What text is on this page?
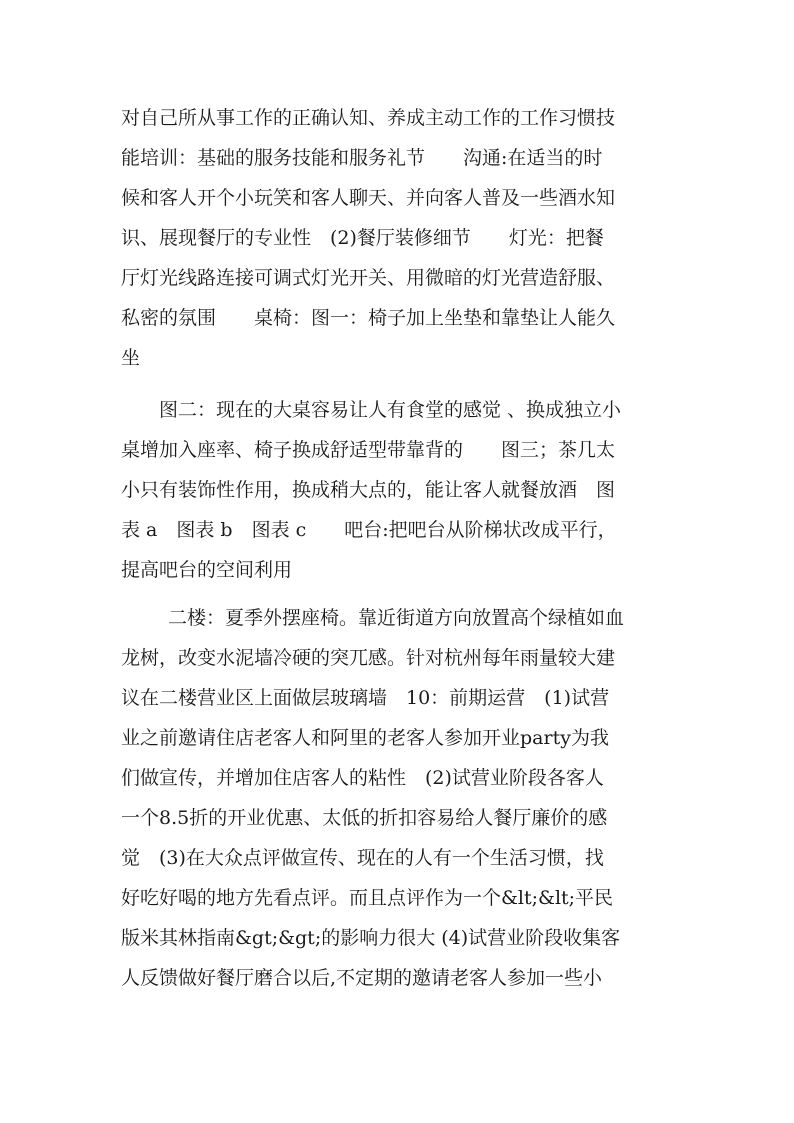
对自己所从事工作的正确认知、养成主动工作的工作习惯技
能培训：基础的服务技能和服务礼节　　沟通:在适当的时
候和客人开个小玩笑和客人聊天、并向客人普及一些酒水知
识、展现餐厅的专业性　(2)餐厅装修细节　　灯光：把餐
厅灯光线路连接可调式灯光开关、用微暗的灯光营造舒服、
私密的氛围　　桌椅：图一：椅子加上坐垫和靠垫让人能久
坐
　图二：现在的大桌容易让人有食堂的感觉 、换成独立小
桌增加入座率、椅子换成舒适型带靠背的　　图三；茶几太
小只有装饰性作用，换成稍大点的，能让客人就餐放酒　图
表 a　图表 b　图表 c　　吧台:把吧台从阶梯状改成平行，
提高吧台的空间利用
　二楼：夏季外摆座椅。靠近街道方向放置高个绿植如血
龙树，改变水泥墙冷硬的突兀感。针对杭州每年雨量较大建
议在二楼营业区上面做层玻璃墙　10：前期运营　(1)试营
业之前邀请住店老客人和阿里的老客人参加开业party为我
们做宣传，并增加住店客人的粘性　(2)试营业阶段各客人
一个8.5折的开业优惠、太低的折扣容易给人餐厅廉价的感
觉　(3)在大众点评做宣传、现在的人有一个生活习惯，找
好吃好喝的地方先看点评。而且点评作为一个&lt;&lt;平民
版米其林指南&gt;&gt;的影响力很大 (4)试营业阶段收集客
人反馈做好餐厅磨合以后,不定期的邀请老客人参加一些小
